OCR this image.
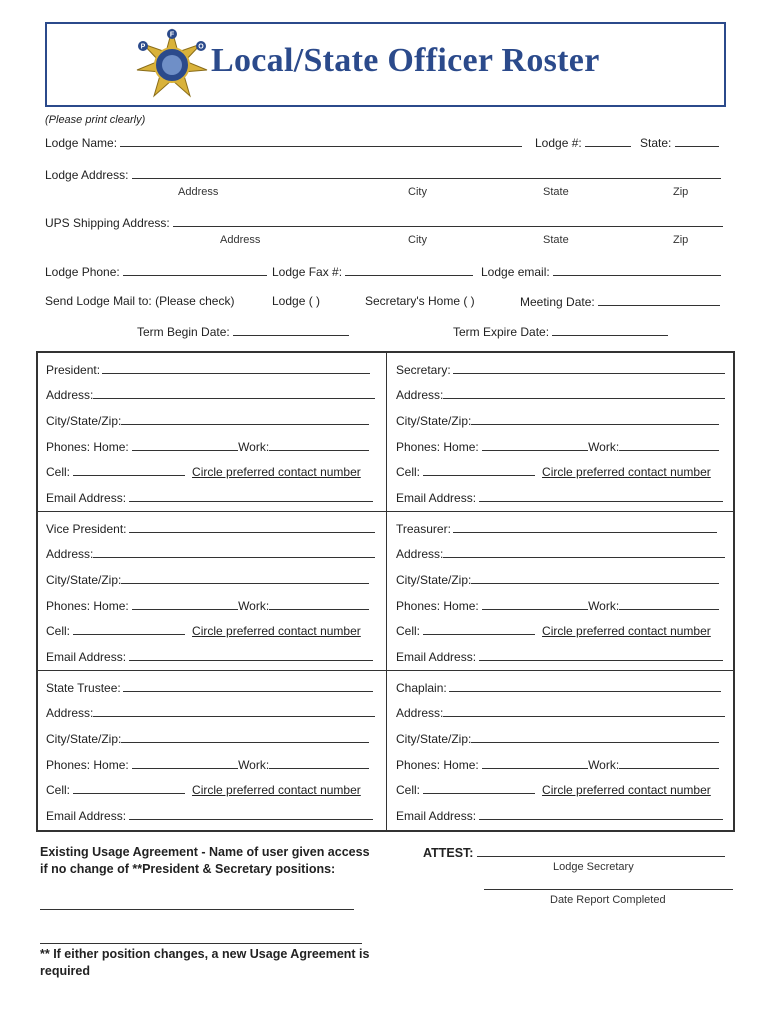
F
O
P Local/State Officer Roster
(Please print clearly)
Lodge Name:	Lodge #:	State:
Lodge Address:
Address	City	State	Zip
UPS Shipping Address:
Address	City	State	Zip
Lodge Phone:	Lodge Fax #:	Lodge email:
Send Lodge Mail to: (Please check)	Lodge ( )	Secretary's Home ( )	Meeting Date:
Term Begin Date:	Term Expire Date:
President:
Address:
City/State/Zip:
Phones: Home:	Work:
Cell:	Circle preferred contact number
Email Address:
Secretary:
Address:
City/State/Zip:
Phones: Home:	Work:
Cell:	Circle preferred contact number
Email Address:
Vice President:
Address:
City/State/Zip:
Phones: Home:	Work:
Cell:	Circle preferred contact number
Email Address:
Treasurer:
Address:
City/State/Zip:
Phones: Home:	Work:
Cell:	Circle preferred contact number
Email Address:
State Trustee:
Address:
City/State/Zip:
Phones: Home:	Work:
Cell:	Circle preferred contact number
Email Address:
Chaplain:
Address:
City/State/Zip:
Phones: Home:	Work:
Cell:	Circle preferred contact number
Email Address:
Existing Usage Agreement - Name of user given access
if no change of **President & Secretary positions:
ATTEST:
Lodge Secretary
Date Report Completed
** If either position changes, a new Usage Agreement is
required
